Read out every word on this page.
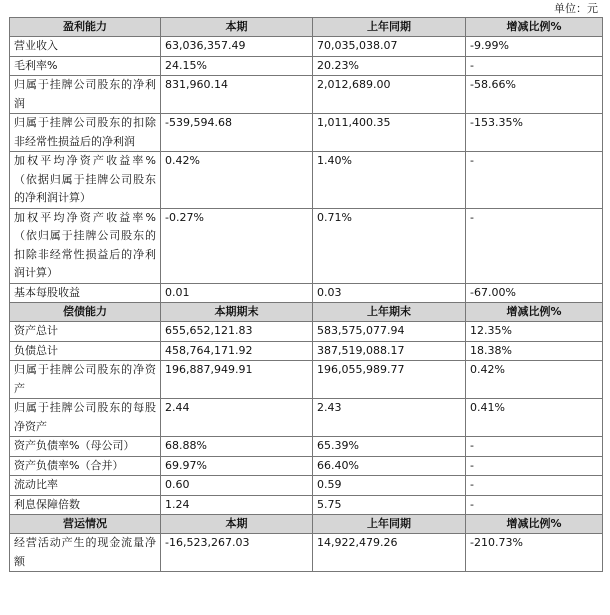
单位：元
盈利能力	本期	上年同期	增减比例%
营业收入	63,036,357.49	70,035,038.07	-9.99%
毛利率%	24.15%	20.23%	-
归属于挂牌公司股东的净利润	831,960.14	2,012,689.00	-58.66%
归属于挂牌公司股东的扣除非经常性损益后的净利润	-539,594.68	1,011,400.35	-153.35%
加权平均净资产收益率%（依据归属于挂牌公司股东的净利润计算）	0.42%	1.40%	-
加权平均净资产收益率%（依归属于挂牌公司股东的扣除非经常性损益后的净利润计算）	-0.27%	0.71%	-
基本每股收益	0.01	0.03	-67.00%
偿债能力	本期期末	上年期末	增减比例%
资产总计	655,652,121.83	583,575,077.94	12.35%
负债总计	458,764,171.92	387,519,088.17	18.38%
归属于挂牌公司股东的净资产	196,887,949.91	196,055,989.77	0.42%
归属于挂牌公司股东的每股净资产	2.44	2.43	0.41%
资产负债率%（母公司）	68.88%	65.39%	-
资产负债率%（合并）	69.97%	66.40%	-
流动比率	0.60	0.59	-
利息保障倍数	1.24	5.75	-
营运情况	本期	上年同期	增减比例%
经营活动产生的现金流量净额	-16,523,267.03	14,922,479.26	-210.73%
